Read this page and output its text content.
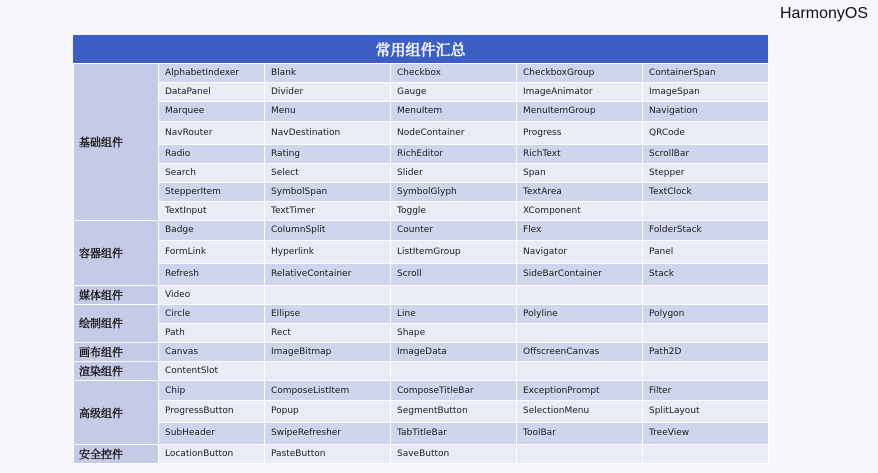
HarmonyOS
常用组件汇总
基础组件	AlphabetIndexer	Blank	Checkbox	CheckboxGroup	ContainerSpan
	DataPanel	Divider	Gauge	ImageAnimator	ImageSpan
	Marquee	Menu	MenuItem	MenuItemGroup	Navigation
	NavRouter	NavDestination	NodeContainer	Progress	QRCode
	Radio	Rating	RichEditor	RichText	ScrollBar
	Search	Select	Slider	Span	Stepper
	StepperItem	SymbolSpan	SymbolGlyph	TextArea	TextClock
	TextInput	TextTimer	Toggle	XComponent	
容器组件	Badge	ColumnSplit	Counter	Flex	FolderStack
	FormLink	Hyperlink	ListItemGroup	Navigator	Panel
	Refresh	RelativeContainer	Scroll	SideBarContainer	Stack
媒体组件	Video				
绘制组件	Circle	Ellipse	Line	Polyline	Polygon
	Path	Rect	Shape		
画布组件	Canvas	ImageBitmap	ImageData	OffscreenCanvas	Path2D
渲染组件	ContentSlot				
高级组件	Chip	ComposeListItem	ComposeTitleBar	ExceptionPrompt	Filter
	ProgressButton	Popup	SegmentButton	SelectionMenu	SplitLayout
	SubHeader	SwipeRefresher	TabTitleBar	ToolBar	TreeView
安全控件	LocationButton	PasteButton	SaveButton		
